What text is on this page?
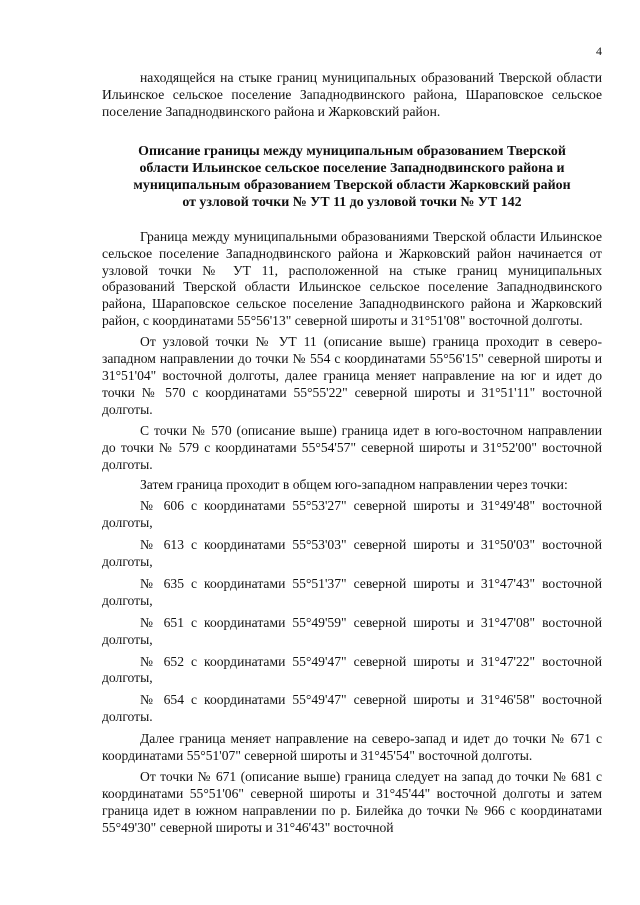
4

находящейся на стыке границ муниципальных образований Тверской области Ильинское сельское поселение Западнодвинского района, Шараповское сельское поселение Западнодвинского района и Жарковский район.

Описание границы между муниципальным образованием Тверской
области Ильинское сельское поселение Западнодвинского района и
муниципальным образованием Тверской области Жарковский район
от узловой точки № УТ 11 до узловой точки № УТ 142

Граница между муниципальными образованиями Тверской области Ильинское сельское поселение Западнодвинского района и Жарковский район начинается от узловой точки № УТ 11, расположенной на стыке границ муниципальных образований Тверской области Ильинское сельское поселение Западнодвинского района, Шараповское сельское поселение Западнодвинского района и Жарковский район, с координатами 55°56'13" северной широты и 31°51'08" восточной долготы.

От узловой точки № УТ 11 (описание выше) граница проходит в северо-западном направлении до точки № 554 с координатами 55°56'15" северной широты и 31°51'04" восточной долготы, далее граница меняет направление на юг и идет до точки № 570 с координатами 55°55'22" северной широты и 31°51'11" восточной долготы.

С точки № 570 (описание выше) граница идет в юго-восточном направлении до точки № 579 с координатами 55°54'57" северной широты и 31°52'00" восточной долготы.

Затем граница проходит в общем юго-западном направлении через точки:

№ 606 с координатами 55°53'27" северной широты и 31°49'48" восточной долготы,

№ 613 с координатами 55°53'03" северной широты и 31°50'03" восточной долготы,

№ 635 с координатами 55°51'37" северной широты и 31°47'43" восточной долготы,

№ 651 с координатами 55°49'59" северной широты и 31°47'08" восточной долготы,

№ 652 с координатами 55°49'47" северной широты и 31°47'22" восточной долготы,

№ 654 с координатами 55°49'47" северной широты и 31°46'58" восточной долготы.

Далее граница меняет направление на северо-запад и идет до точки № 671 с координатами 55°51'07" северной широты и 31°45'54" восточной долготы.

От точки № 671 (описание выше) граница следует на запад до точки № 681 с координатами 55°51'06" северной широты и 31°45'44" восточной долготы и затем граница идет в южном направлении по р. Билейка до точки № 966 с координатами 55°49'30" северной широты и 31°46'43" восточной
